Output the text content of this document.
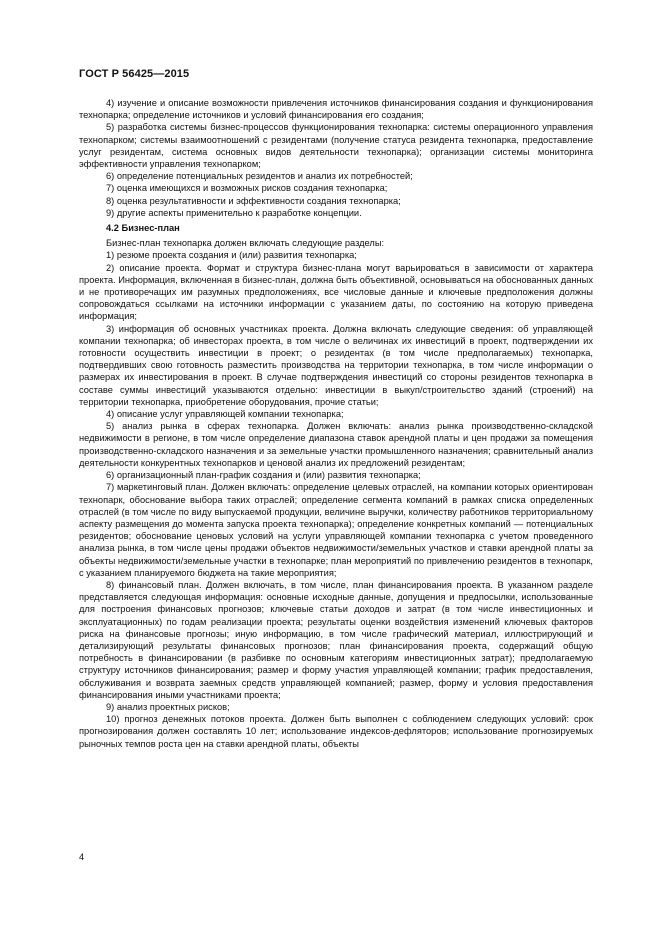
ГОСТ Р 56425—2015

4) изучение и описание возможности привлечения источников финансирования создания и функционирования технопарка; определение источников и условий финансирования его создания;

5) разработка системы бизнес-процессов функционирования технопарка: системы операционного управления технопарком; системы взаимоотношений с резидентами (получение статуса резидента технопарка, предоставление услуг резидентам, система основных видов деятельности технопарка); организации системы мониторинга эффективности управления технопарком;

6) определение потенциальных резидентов и анализ их потребностей;

7) оценка имеющихся и возможных рисков создания технопарка;

8) оценка результативности и эффективности создания технопарка;

9) другие аспекты применительно к разработке концепции.

4.2 Бизнес-план

Бизнес-план технопарка должен включать следующие разделы:

1) резюме проекта создания и (или) развития технопарка;

2) описание проекта. Формат и структура бизнес-плана могут варьироваться в зависимости от характера проекта. Информация, включенная в бизнес-план, должна быть объективной, основываться на обоснованных данных и не противоречащих им разумных предположениях, все числовые данные и ключевые предположения должны сопровождаться ссылками на источники информации с указанием даты, по состоянию на которую приведена информация;

3) информация об основных участниках проекта. Должна включать следующие сведения: об управляющей компании технопарка; об инвесторах проекта, в том числе о величинах их инвестиций в проект, подтверждении их готовности осуществить инвестиции в проект; о резидентах (в том числе предполагаемых) технопарка, подтвердивших свою готовность разместить производства на территории технопарка, в том числе информации о размерах их инвестирования в проект. В случае подтверждения инвестиций со стороны резидентов технопарка в составе суммы инвестиций указываются отдельно: инвестиции в выкуп/строительство зданий (строений) на территории технопарка, приобретение оборудования, прочие статьи;

4) описание услуг управляющей компании технопарка;

5) анализ рынка в сферах технопарка. Должен включать: анализ рынка производственно-складской недвижимости в регионе, в том числе определение диапазона ставок арендной платы и цен продажи за помещения производственно-складского назначения и за земельные участки промышленного назначения; сравнительный анализ деятельности конкурентных технопарков и ценовой анализ их предложений резидентам;

6) организационный план-график создания и (или) развития технопарка;

7) маркетинговый план. Должен включать: определение целевых отраслей, на компании которых ориентирован технопарк, обоснование выбора таких отраслей; определение сегмента компаний в рамках списка определенных отраслей (в том числе по виду выпускаемой продукции, величине выручки, количеству работников территориальному аспекту размещения до момента запуска проекта технопарка); определение конкретных компаний — потенциальных резидентов; обоснование ценовых условий на услуги управляющей компании технопарка с учетом проведенного анализа рынка, в том числе цены продажи объектов недвижимости/земельных участков и ставки арендной платы за объекты недвижимости/земельные участки в технопарке; план мероприятий по привлечению резидентов в технопарк, с указанием планируемого бюджета на такие мероприятия;

8) финансовый план. Должен включать, в том числе, план финансирования проекта. В указанном разделе представляется следующая информация: основные исходные данные, допущения и предпосылки, использованные для построения финансовых прогнозов; ключевые статьи доходов и затрат (в том числе инвестиционных и эксплуатационных) по годам реализации проекта; результаты оценки воздействия изменений ключевых факторов риска на финансовые прогнозы; иную информацию, в том числе графический материал, иллюстрирующий и детализирующий результаты финансовых прогнозов; план финансирования проекта, содержащий общую потребность в финансировании (в разбивке по основным категориям инвестиционных затрат); предполагаемую структуру источников финансирования; размер и форму участия управляющей компании; график предоставления, обслуживания и возврата заемных средств управляющей компанией; размер, форму и условия предоставления финансирования иными участниками проекта;

9) анализ проектных рисков;

10) прогноз денежных потоков проекта. Должен быть выполнен с соблюдением следующих условий: срок прогнозирования должен составлять 10 лет; использование индексов-дефляторов; использование прогнозируемых рыночных темпов роста цен на ставки арендной платы, объекты

4
